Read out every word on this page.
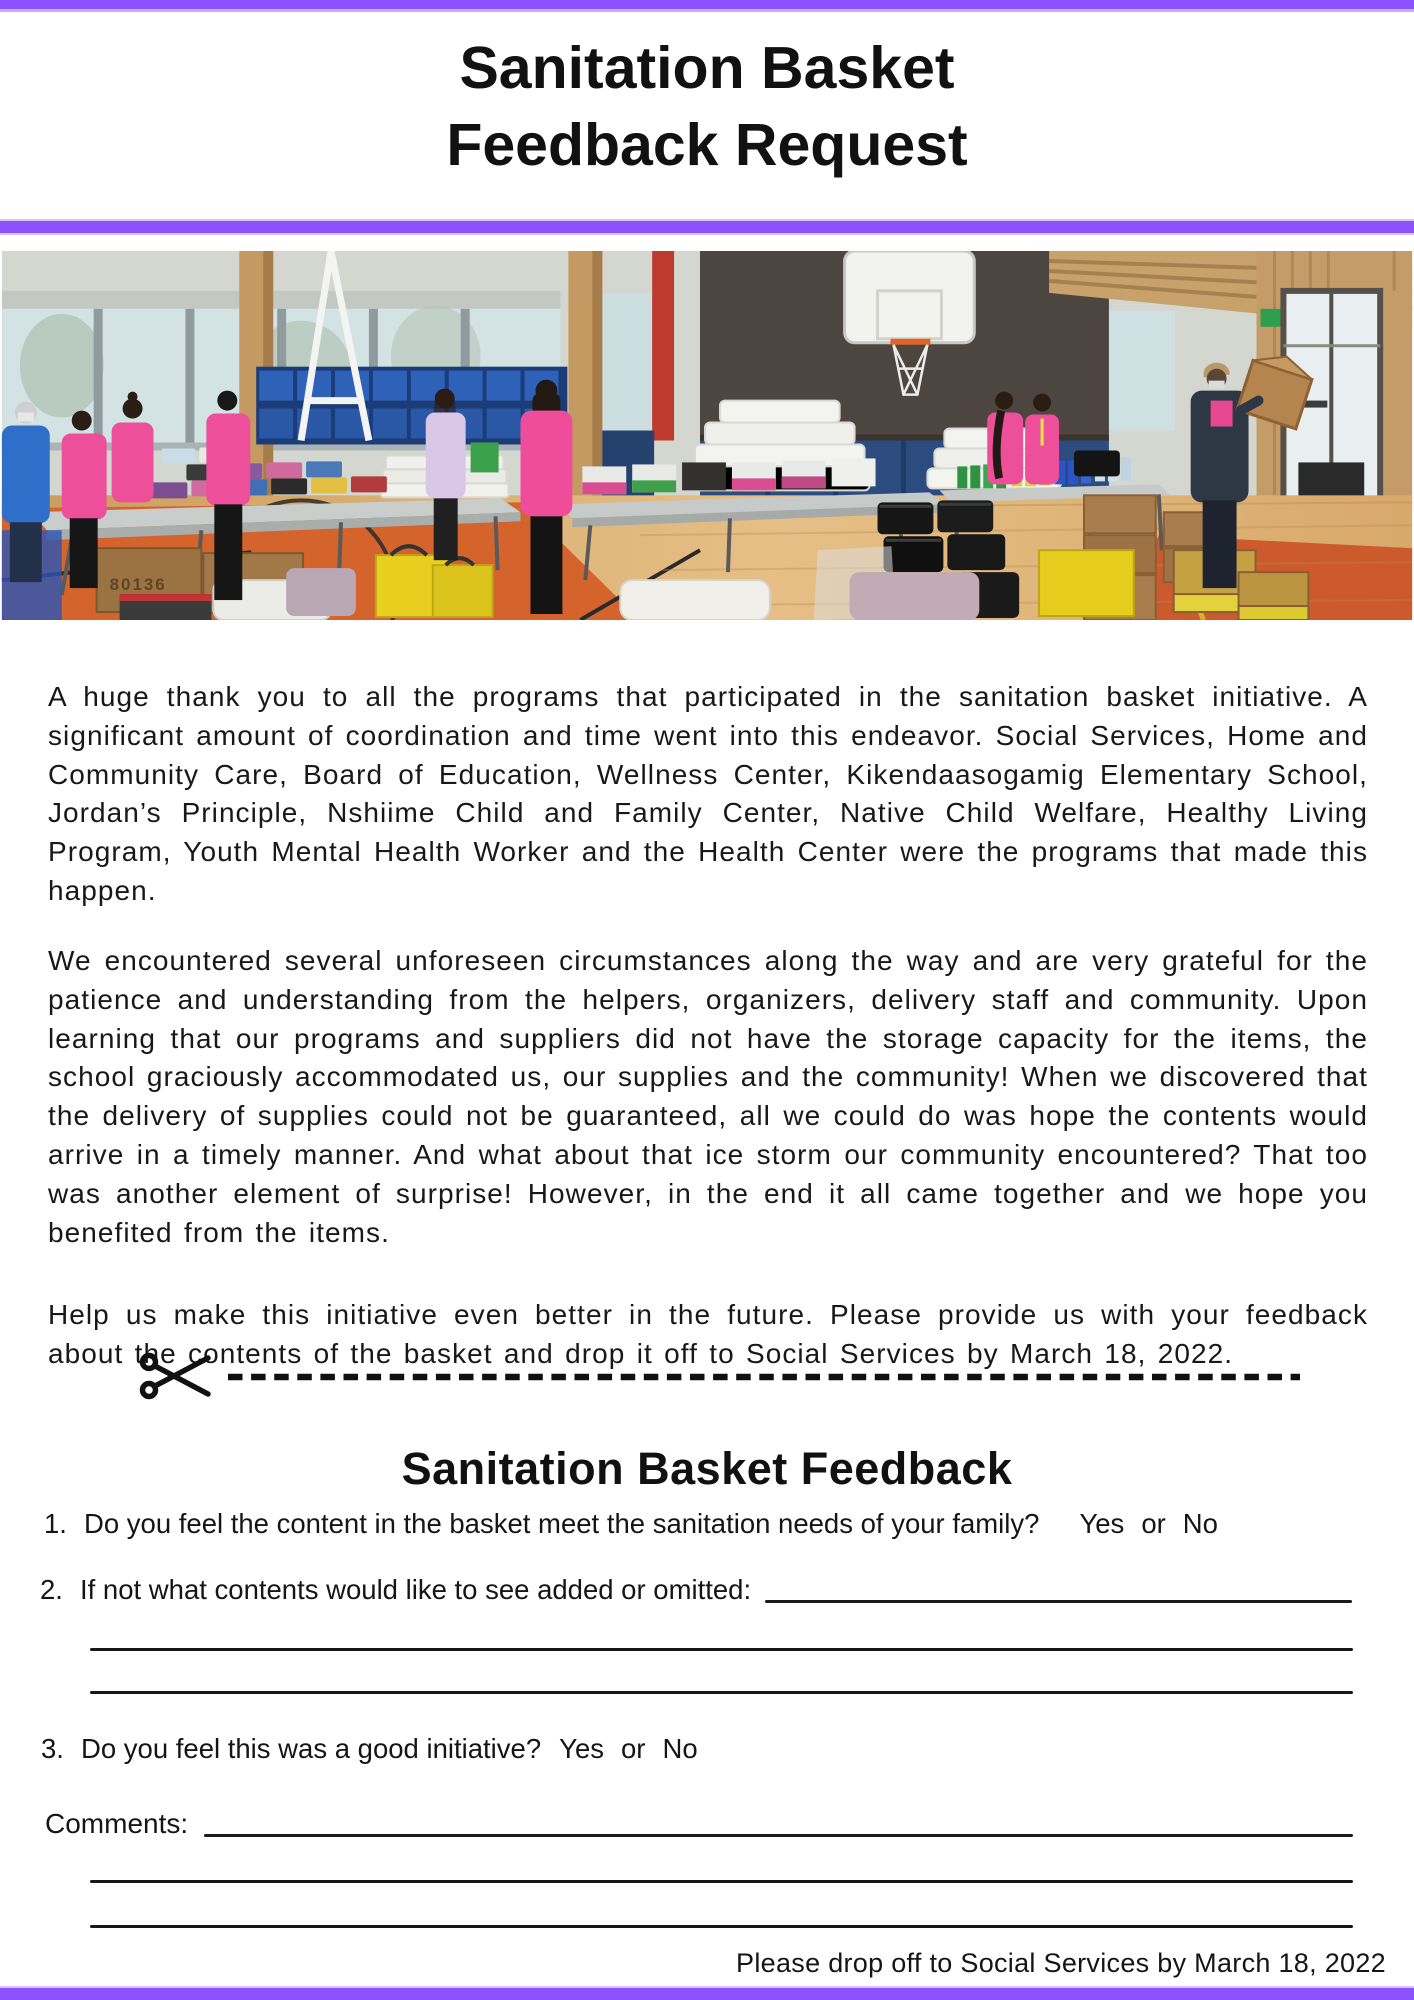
Sanitation Basket
Feedback Request
80136

A huge thank you to all the programs that participated in the sanitation basket initiative. A significant amount of coordination and time went into this endeavor. Social Services, Home and Community Care, Board of Education, Wellness Center, Kikendaasogamig Elementary School, Jordan’s Principle, Nshiime Child and Family Center, Native Child Welfare, Healthy Living Program, Youth Mental Health Worker and the Health Center were the programs that made this happen.

We encountered several unforeseen circumstances along the way and are very grateful for the patience and understanding from the helpers, organizers, delivery staff and community. Upon learning that our programs and suppliers did not have the storage capacity for the items, the school graciously accommodated us, our supplies and the community! When we discovered that the delivery of supplies could not be guaranteed, all we could do was hope the contents would arrive in a timely manner. And what about that ice storm our community encountered? That too was another element of surprise! However, in the end it all came together and we hope you benefited from the items.

Help us make this initiative even better in the future. Please provide us with your feedback about the contents of the basket and drop it off to Social Services by March 18, 2022.

Sanitation Basket Feedback
1. Do you feel the content in the basket meet the sanitation needs of your family? Yes or No
2. If not what contents would like to see added or omitted:
3. Do you feel this was a good initiative? Yes or No
Comments:
Please drop off to Social Services by March 18, 2022
